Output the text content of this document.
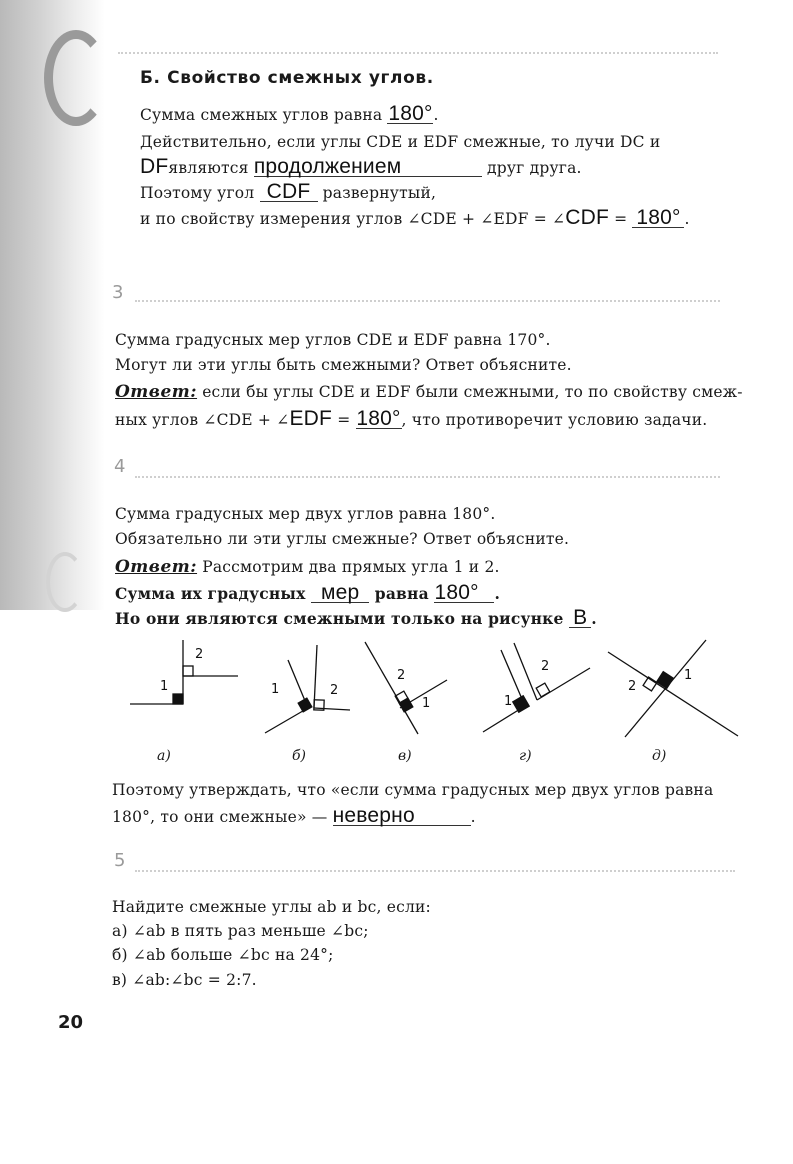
Б. Свойство смежных углов.
Сумма смежных углов равна 180°.
Действительно, если углы CDE и EDF смежные, то лучи DC и
DFявляются продолжением	друг друга.
Поэтому угол CDF развернутый,
и по свойству измерения углов ∠CDE + ∠EDF = ∠CDF = 180° .
3
Сумма градусных мер углов CDE и EDF равна 170°.
Могут ли эти углы быть смежными? Ответ объясните.
Ответ: если бы углы CDE и EDF были смежными, то по свойству смеж-
ных углов ∠CDE + ∠EDF = 180°, что противоречит условию задачи.
4
Сумма градусных мер двух углов равна 180°.
Обязательно ли эти углы смежные? Ответ объясните.
Ответ: Рассмотрим два прямых угла 1 и 2.
Сумма их градусных мер равна 180° .
Но они являются смежными только на рисунке В .
1
2
1	2
2
1	1
2
2
1
а)	б)	в)	г)	д)
Поэтому утверждать, что «если сумма градусных мер двух углов равна
180°, то они смежные» — неверно	.
5
Найдите смежные углы ab и bc, если:
а) ∠ab в пять раз меньше ∠bc;
б) ∠ab больше ∠bc на 24°;
в) ∠ab:∠bc = 2:7.
20
